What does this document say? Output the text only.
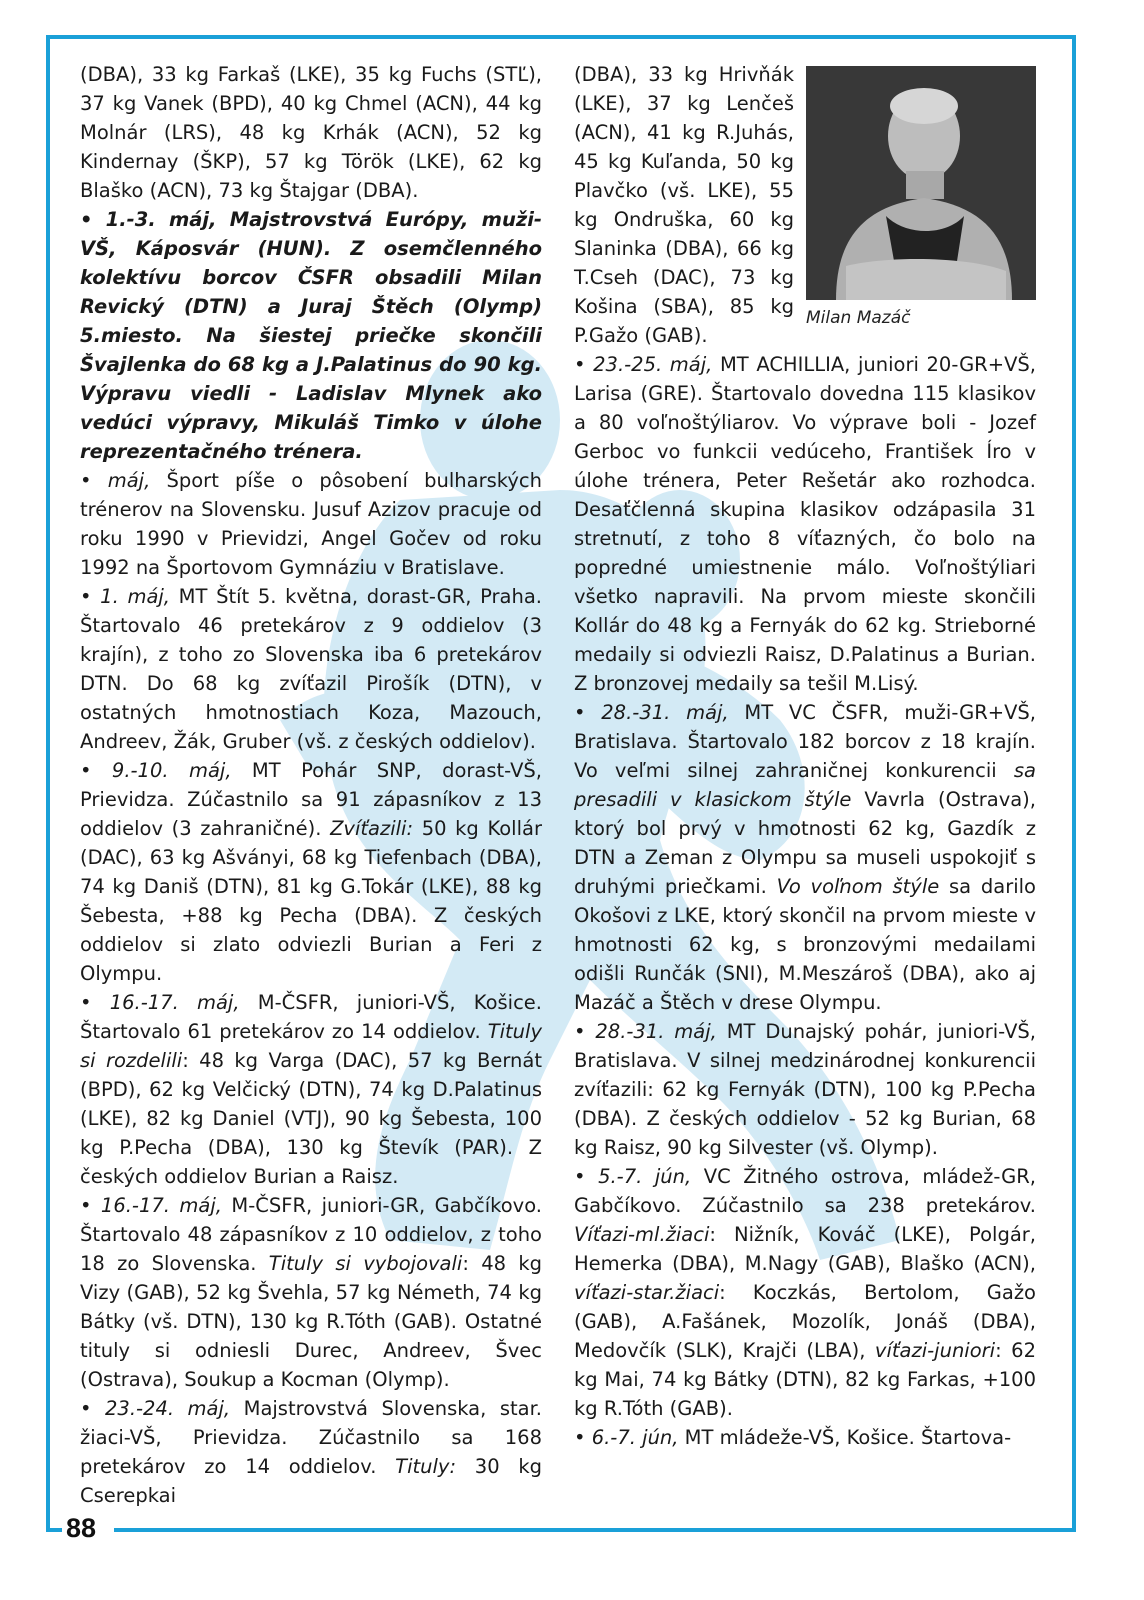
(DBA), 33 kg Farkaš (LKE), 35 kg Fuchs (STĽ), 37 kg Vanek (BPD), 40 kg Chmel (ACN), 44 kg Molnár (LRS), 48 kg Krhák (ACN), 52 kg Kindernay (ŠKP), 57 kg Török (LKE), 62 kg Blaško (ACN), 73 kg Štajgar (DBA).

• 1.-3. máj, Majstrovstvá Európy, muži-VŠ, Káposvár (HUN). Z osemčlenného kolektívu borcov ČSFR obsadili Milan Revický (DTN) a Juraj Štěch (Olymp) 5.miesto. Na šiestej priečke skončili Švajlenka do 68 kg a J.Palatinus do 90 kg. Výpravu viedli - Ladislav Mlynek ako vedúci výpravy, Mikuláš Timko v úlohe reprezentačného trénera.

• máj, Šport píše o pôsobení bulharských trénerov na Slovensku. Jusuf Azizov pracuje od roku 1990 v Prievidzi, Angel Gočev od roku 1992 na Športovom Gymnáziu v Bratislave.

• 1. máj, MT Štít 5. května, dorast-GR, Praha. Štartovalo 46 pretekárov z 9 oddielov (3 krajín), z toho zo Slovenska iba 6 pretekárov DTN. Do 68 kg zvíťazil Pirošík (DTN), v ostatných hmotnostiach Koza, Mazouch, Andreev, Žák, Gruber (vš. z českých oddielov).

• 9.-10. máj, MT Pohár SNP, dorast-VŠ, Prievidza. Zúčastnilo sa 91 zápasníkov z 13 oddielov (3 zahraničné). Zvíťazili: 50 kg Kollár (DAC), 63 kg Ašványi, 68 kg Tiefenbach (DBA), 74 kg Daniš (DTN), 81 kg G.Tokár (LKE), 88 kg Šebesta, +88 kg Pecha (DBA). Z českých oddielov si zlato odviezli Burian a Feri z Olympu.

• 16.-17. máj, M-ČSFR, juniori-VŠ, Košice. Štartovalo 61 pretekárov zo 14 oddielov. Tituly si rozdelili: 48 kg Varga (DAC), 57 kg Bernát (BPD), 62 kg Velčický (DTN), 74 kg D.Palatinus (LKE), 82 kg Daniel (VTJ), 90 kg Šebesta, 100 kg P.Pecha (DBA), 130 kg Števík (PAR). Z českých oddielov Burian a Raisz.

• 16.-17. máj, M-ČSFR, juniori-GR, Gabčíkovo. Štartovalo 48 zápasníkov z 10 oddielov, z toho 18 zo Slovenska. Tituly si vybojovali: 48 kg Vizy (GAB), 52 kg Švehla, 57 kg Németh, 74 kg Bátky (vš. DTN), 130 kg R.Tóth (GAB). Ostatné tituly si odniesli Durec, Andreev, Švec (Ostrava), Soukup a Kocman (Olymp).

• 23.-24. máj, Majstrovstvá Slovenska, star. žiaci-VŠ, Prievidza. Zúčastnilo sa 168 pretekárov zo 14 oddielov. Tituly: 30 kg Cserepkai

Milan Mazáč

(DBA), 33 kg Hrivňák (LKE), 37 kg Lenčeš (ACN), 41 kg R.Juhás, 45 kg Kuľanda, 50 kg Plavčko (vš. LKE), 55 kg Ondruška, 60 kg Slaninka (DBA), 66 kg T.Cseh (DAC), 73 kg Košina (SBA), 85 kg P.Gažo (GAB).

• 23.-25. máj, MT ACHILLIA, juniori 20-GR+VŠ, Larisa (GRE). Štartovalo dovedna 115 klasikov a 80 voľnoštýliarov. Vo výprave boli - Jozef Gerboc vo funkcii vedúceho, František Íro v úlohe trénera, Peter Rešetár ako rozhodca. Desaťčlenná skupina klasikov odzápasila 31 stretnutí, z toho 8 víťazných, čo bolo na popredné umiestnenie málo. Voľnoštýliari všetko napravili. Na prvom mieste skončili Kollár do 48 kg a Fernyák do 62 kg. Strieborné medaily si odviezli Raisz, D.Palatinus a Burian. Z bronzovej medaily sa tešil M.Lisý.

• 28.-31. máj, MT VC ČSFR, muži-GR+VŠ, Bratislava. Štartovalo 182 borcov z 18 krajín. Vo veľmi silnej zahraničnej konkurencii sa presadili v klasickom štýle Vavrla (Ostrava), ktorý bol prvý v hmotnosti 62 kg, Gazdík z DTN a Zeman z Olympu sa museli uspokojiť s druhými priečkami. Vo voľnom štýle sa darilo Okošovi z LKE, ktorý skončil na prvom mieste v hmotnosti 62 kg, s bronzovými medailami odišli Runčák (SNI), M.Meszároš (DBA), ako aj Mazáč a Štěch v drese Olympu.

• 28.-31. máj, MT Dunajský pohár, juniori-VŠ, Bratislava. V silnej medzinárodnej konkurencii zvíťazili: 62 kg Fernyák (DTN), 100 kg P.Pecha (DBA). Z českých oddielov - 52 kg Burian, 68 kg Raisz, 90 kg Silvester (vš. Olymp).

• 5.-7. jún, VC Žitného ostrova, mládež-GR, Gabčíkovo. Zúčastnilo sa 238 pretekárov. Víťazi-ml.žiaci: Nižník, Kováč (LKE), Polgár, Hemerka (DBA), M.Nagy (GAB), Blaško (ACN), víťazi-star.žiaci: Koczkás, Bertolom, Gažo (GAB), A.Fašánek, Mozolík, Jonáš (DBA), Medovčík (SLK), Krajči (LBA), víťazi-juniori: 62 kg Mai, 74 kg Bátky (DTN), 82 kg Farkas, +100 kg R.Tóth (GAB).

• 6.-7. jún, MT mládeže-VŠ, Košice. Štartova-

88
